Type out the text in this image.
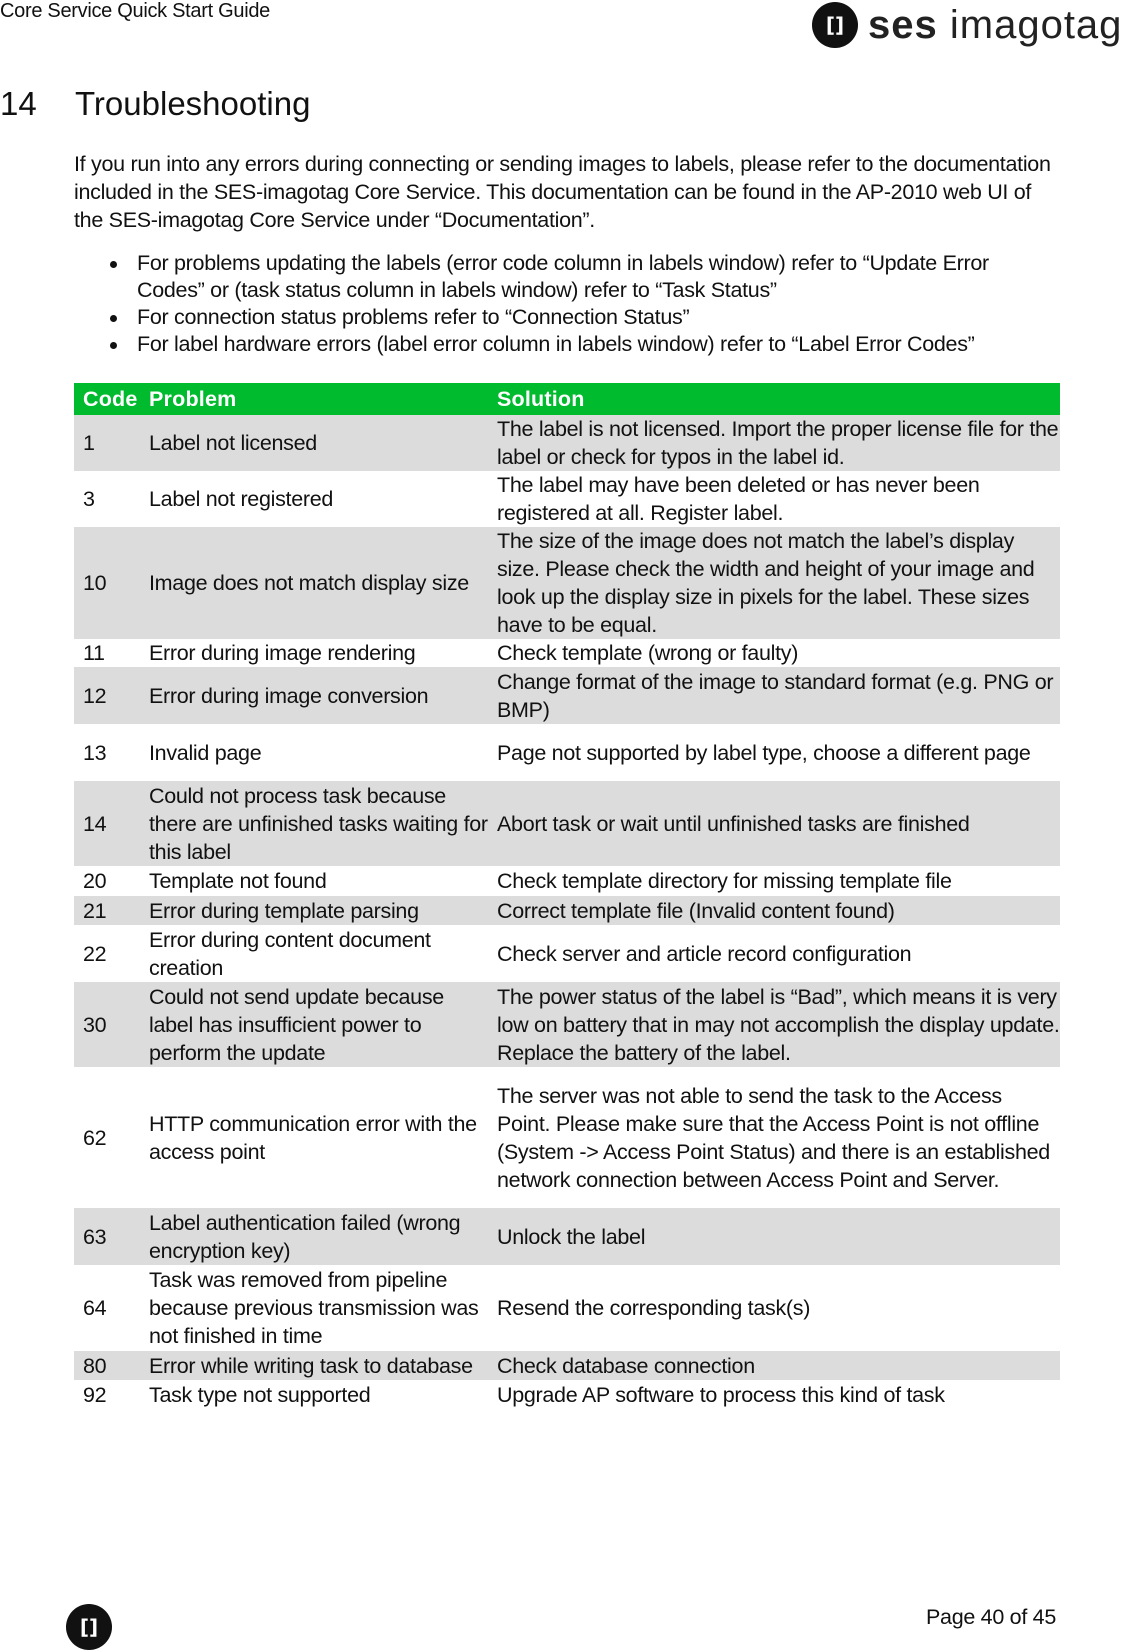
Core Service Quick Start Guide
[] ses imagotag
14	Troubleshooting
If you run into any errors during connecting or sending images to labels, please refer to the documentation included in the SES-imagotag Core Service. This documentation can be found in the AP-2010 web UI of the SES-imagotag Core Service under “Documentation”.
For problems updating the labels (error code column in labels window) refer to “Update Error Codes” or (task status column in labels window) refer to “Task Status”
For connection status problems refer to “Connection Status”
For label hardware errors (label error column in labels window) refer to “Label Error Codes”
Code	Problem	Solution
1	Label not licensed	The label is not licensed. Import the proper license file for the label or check for typos in the label id.
3	Label not registered	The label may have been deleted or has never been registered at all. Register label.
10	Image does not match display size	The size of the image does not match the label’s display size. Please check the width and height of your image and look up the display size in pixels for the label. These sizes have to be equal.
11	Error during image rendering	Check template (wrong or faulty)
12	Error during image conversion	Change format of the image to standard format (e.g. PNG or BMP)
13	Invalid page	Page not supported by label type, choose a different page
14	Could not process task because there are unfinished tasks waiting for this label	Abort task or wait until unfinished tasks are finished
20	Template not found	Check template directory for missing template file
21	Error during template parsing	Correct template file (Invalid content found)
22	Error during content document creation	Check server and article record configuration
30	Could not send update because label has insufficient power to perform the update	The power status of the label is “Bad”, which means it is very low on battery that in may not accomplish the display update. Replace the battery of the label.
62	HTTP communication error with the access point	The server was not able to send the task to the Access Point. Please make sure that the Access Point is not offline (System -> Access Point Status) and there is an established network connection between Access Point and Server.
63	Label authentication failed (wrong encryption key)	Unlock the label
64	Task was removed from pipeline because previous transmission was not finished in time	Resend the corresponding task(s)
80	Error while writing task to database	Check database connection
92	Task type not supported	Upgrade AP software to process this kind of task
[]	Page 40 of 45
